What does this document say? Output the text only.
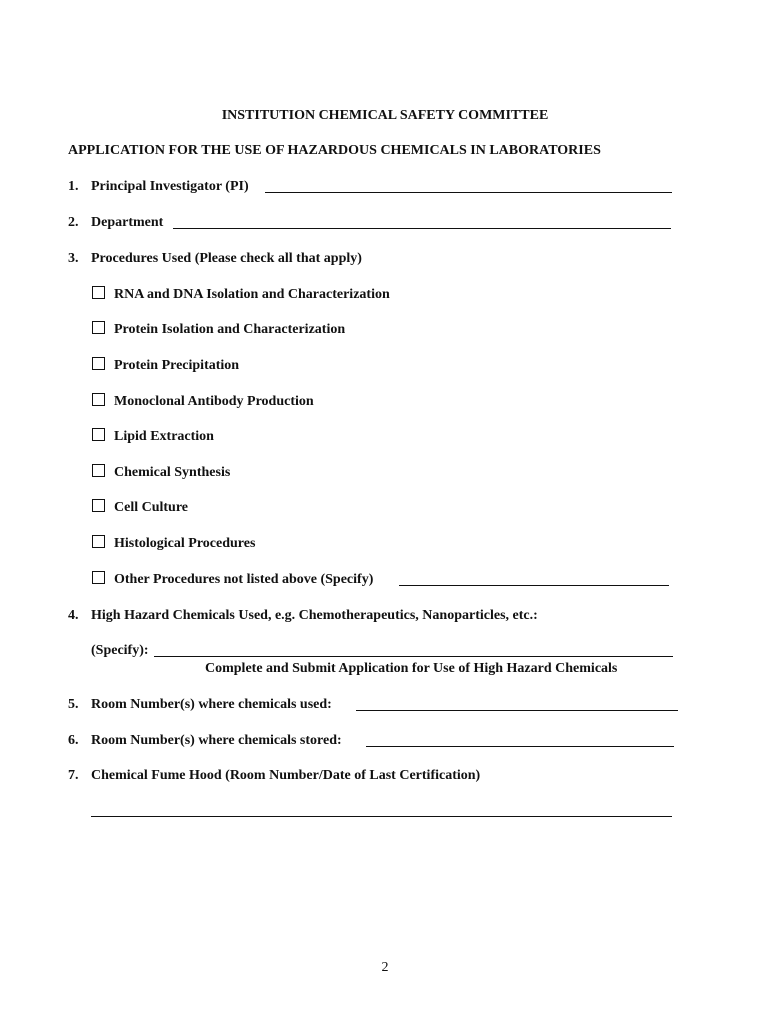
INSTITUTION CHEMICAL SAFETY COMMITTEE
APPLICATION FOR THE USE OF HAZARDOUS CHEMICALS IN LABORATORIES
1. Principal Investigator (PI)
2. Department
3. Procedures Used (Please check all that apply)
RNA and DNA Isolation and Characterization
Protein Isolation and Characterization
Protein Precipitation
Monoclonal Antibody Production
Lipid Extraction
Chemical Synthesis
Cell Culture
Histological Procedures
Other Procedures not listed above (Specify)
4. High Hazard Chemicals Used, e.g. Chemotherapeutics, Nanoparticles, etc.:
(Specify):
Complete and Submit Application for Use of High Hazard Chemicals
5. Room Number(s) where chemicals used:
6. Room Number(s) where chemicals stored:
7. Chemical Fume Hood (Room Number/Date of Last Certification)
2
